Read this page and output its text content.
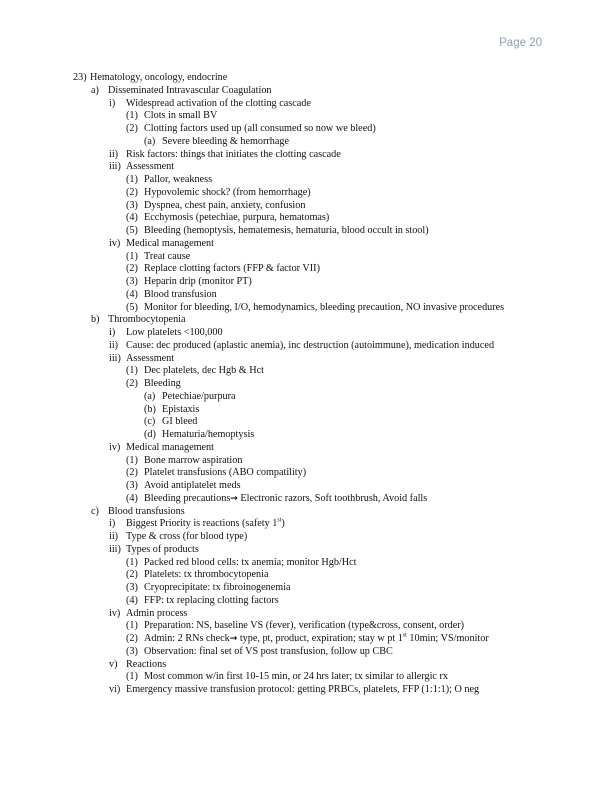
Page 20
23) Hematology, oncology, endocrine
a) Disseminated Intravascular Coagulation
i) Widespread activation of the clotting cascade
(1) Clots in small BV
(2) Clotting factors used up (all consumed so now we bleed)
(a) Severe bleeding & hemorrhage
ii) Risk factors: things that initiates the clotting cascade
iii) Assessment
(1) Pallor, weakness
(2) Hypovolemic shock? (from hemorrhage)
(3) Dyspnea, chest pain, anxiety, confusion
(4) Ecchymosis (petechiae, purpura, hematomas)
(5) Bleeding (hemoptysis, hematemesis, hematuria, blood occult in stool)
iv) Medical management
(1) Treat cause
(2) Replace clotting factors (FFP & factor VII)
(3) Heparin drip (monitor PT)
(4) Blood transfusion
(5) Monitor for bleeding, I/O, hemodynamics, bleeding precaution, NO invasive procedures
b) Thrombocytopenia
i) Low platelets <100,000
ii) Cause: dec produced (aplastic anemia), inc destruction (autoimmune), medication induced
iii) Assessment
(1) Dec platelets, dec Hgb & Hct
(2) Bleeding
(a) Petechiae/purpura
(b) Epistaxis
(c) GI bleed
(d) Hematuria/hemoptysis
iv) Medical management
(1) Bone marrow aspiration
(2) Platelet transfusions (ABO compatility)
(3) Avoid antiplatelet meds
(4) Bleeding precautions→ Electronic razors, Soft toothbrush, Avoid falls
c) Blood transfusions
i) Biggest Priority is reactions (safety 1st)
ii) Type & cross (for blood type)
iii) Types of products
(1) Packed red blood cells: tx anemia; monitor Hgb/Hct
(2) Platelets: tx thrombocytopenia
(3) Cryoprecipitate: tx fibroinogenemia
(4) FFP: tx replacing clotting factors
iv) Admin process
(1) Preparation: NS, baseline VS (fever), verification (type&cross, consent, order)
(2) Admin: 2 RNs check→ type, pt, product, expiration; stay w pt 1st 10min; VS/monitor
(3) Observation: final set of VS post transfusion, follow up CBC
v) Reactions
(1) Most common w/in first 10-15 min, or 24 hrs later; tx similar to allergic rx
vi) Emergency massive transfusion protocol: getting PRBCs, platelets, FFP (1:1:1); O neg
